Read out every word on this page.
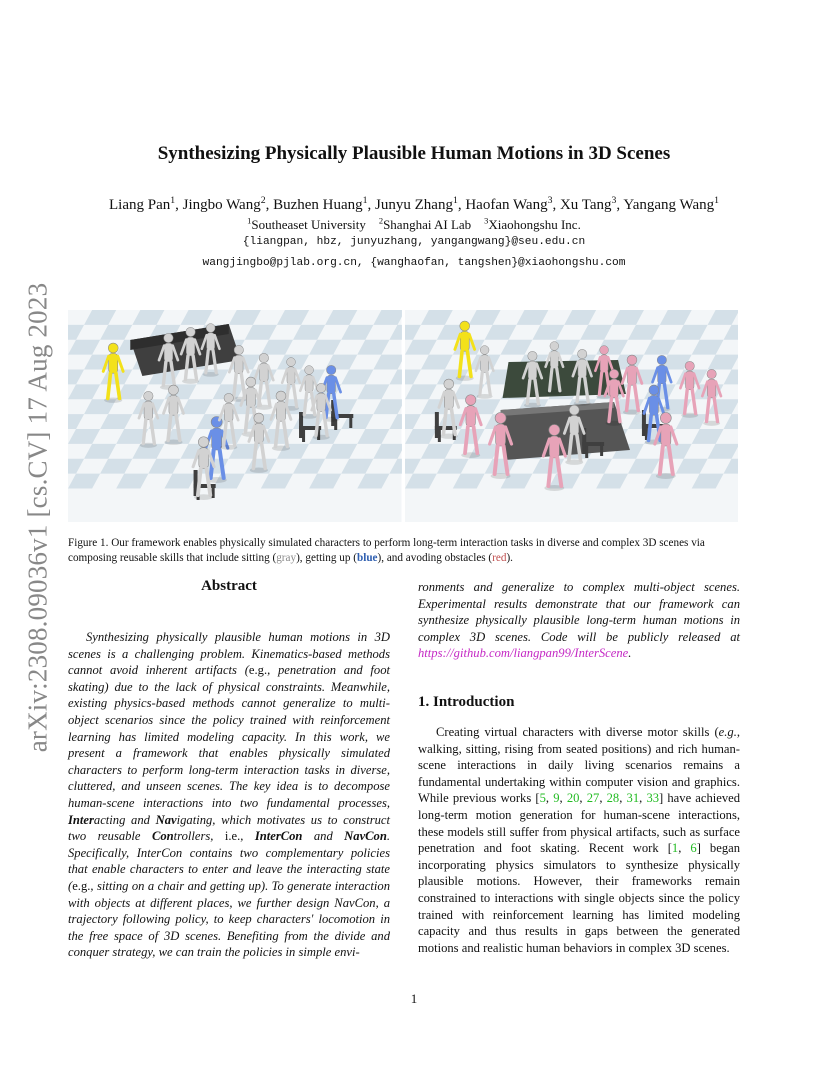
arXiv:2308.09036v1 [cs.CV] 17 Aug 2023
Synthesizing Physically Plausible Human Motions in 3D Scenes
Liang Pan$^1$, Jingbo Wang$^2$, Buzhen Huang$^1$, Junyu Zhang$^1$, Haofan Wang$^3$, Xu Tang$^3$, Yangang Wang$^1$
$^1$Southeaset University $^2$Shanghai AI Lab $^3$Xiaohongshu Inc.
{liangpan, hbz, junyuzhang, yangangwang}@seu.edu.cn
wangjingbo@pjlab.org.cn, {wanghaofan, tangshen}@xiaohongshu.com
Figure 1. Our framework enables physically simulated characters to perform long-term interaction tasks in diverse and complex 3D scenes via composing reusable skills that include sitting (gray), getting up (blue), and avoding obstacles (red).
Abstract

Synthesizing physically plausible human motions in 3D scenes is a challenging problem. Kinematics-based methods cannot avoid inherent artifacts (e.g., penetration and foot skating) due to the lack of physical constraints. Meanwhile, existing physics-based methods cannot generalize to multi-object scenarios since the policy trained with reinforcement learning has limited modeling capacity. In this work, we present a framework that enables physically simulated characters to perform long-term interaction tasks in diverse, cluttered, and unseen scenes. The key idea is to decompose human-scene interactions into two fundamental processes, Interacting and Navigating, which motivates us to construct two reusable Controllers, i.e., InterCon and NavCon. Specifically, InterCon contains two complementary policies that enable characters to enter and leave the interacting state (e.g., sitting on a chair and getting up). To generate interaction with objects at different places, we further design NavCon, a trajectory following policy, to keep characters' locomotion in the free space of 3D scenes. Benefiting from the divide and conquer strategy, we can train the policies in simple envi-

ronments and generalize to complex multi-object scenes. Experimental results demonstrate that our framework can synthesize physically plausible long-term human motions in complex 3D scenes. Code will be publicly released at https://github.com/liangpan99/InterScene.

1. Introduction

Creating virtual characters with diverse motor skills (e.g., walking, sitting, rising from seated positions) and rich human-scene interactions in daily living scenarios remains a fundamental undertaking within computer vision and graphics. While previous works [5, 9, 20, 27, 28, 31, 33] have achieved long-term motion generation for human-scene interactions, these models still suffer from physical artifacts, such as surface penetration and foot skating. Recent work [1, 6] began incorporating physics simulators to synthesize physically plausible motions. However, their frameworks remain constrained to interactions with single objects since the policy trained with reinforcement learning has limited modeling capacity and thus results in gaps between the generated motions and realistic human behaviors in complex 3D scenes.

1
